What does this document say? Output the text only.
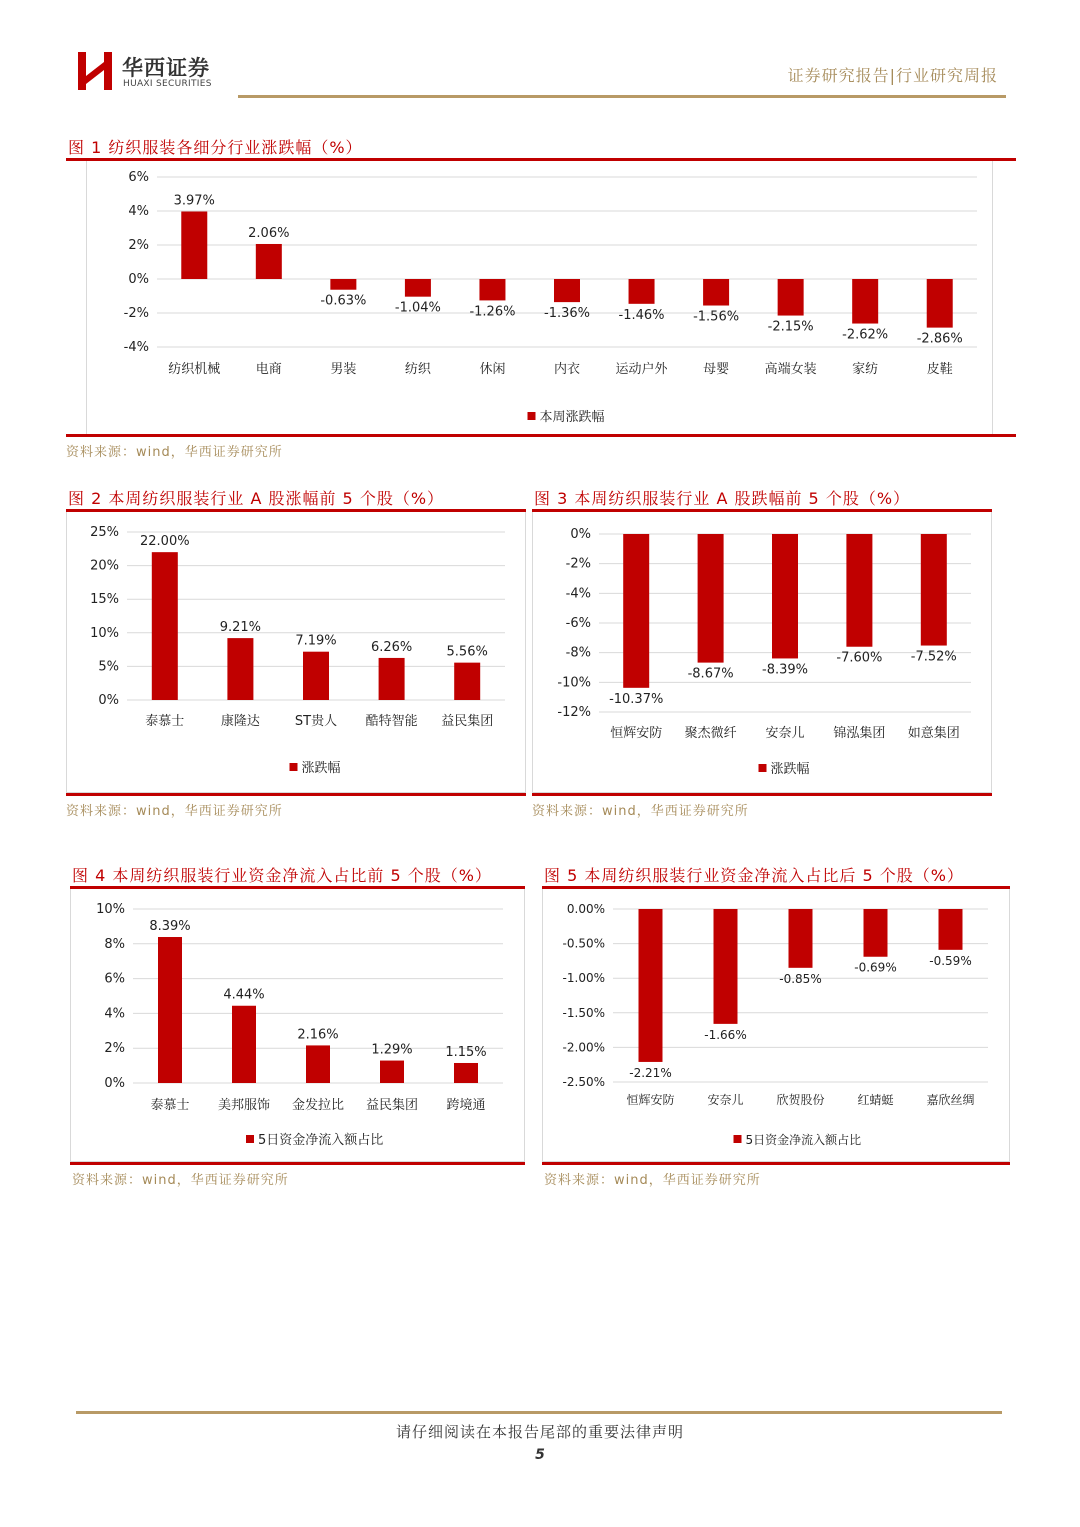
华西证券
HUAXI SECURITIES	证券研究报告|行业研究周报
图 1 纺织服装各细分行业涨跌幅（%）
6%
4%
2%
0%
-2%
-4%
3.97%
纺织机械
2.06%
电商
-0.63%
男装
-1.04%
纺织
-1.26%
休闲
-1.36%
内衣
-1.46%
运动户外
-1.56%
母婴
-2.15%
高端女装
-2.62%
家纺
-2.86%
皮鞋
本周涨跌幅
资料来源：wind，华西证券研究所
图 2 本周纺织服装行业 A 股涨幅前 5 个股（%）
25%
20%
15%
10%
5%
0%
22.00%
泰慕士
9.21%
康隆达
7.19%
ST贵人
6.26%
酷特智能
5.56%
益民集团
涨跌幅
资料来源：wind，华西证券研究所
图 3 本周纺织服装行业 A 股跌幅前 5 个股（%）
0%
-2%
-4%
-6%
-8%
-10%
-12%
-10.37%
恒辉安防
-8.67%
聚杰微纤
-8.39%
安奈儿
-7.60%
锦泓集团
-7.52%
如意集团
涨跌幅
资料来源：wind，华西证券研究所
图 4 本周纺织服装行业资金净流入占比前 5 个股（%）
10%
8%
6%
4%
2%
0%
8.39%
泰慕士
4.44%
美邦服饰
2.16%
金发拉比
1.29%
益民集团
1.15%
跨境通
5日资金净流入额占比
资料来源：wind，华西证券研究所
图 5 本周纺织服装行业资金净流入占比后 5 个股（%）
0.00%
-0.50%
-1.00%
-1.50%
-2.00%
-2.50%
-2.21%
恒辉安防
-1.66%
安奈儿
-0.85%
欣贺股份
-0.69%
红蜻蜓
-0.59%
嘉欣丝绸
5日资金净流入额占比
资料来源：wind，华西证券研究所
请仔细阅读在本报告尾部的重要法律声明
5
